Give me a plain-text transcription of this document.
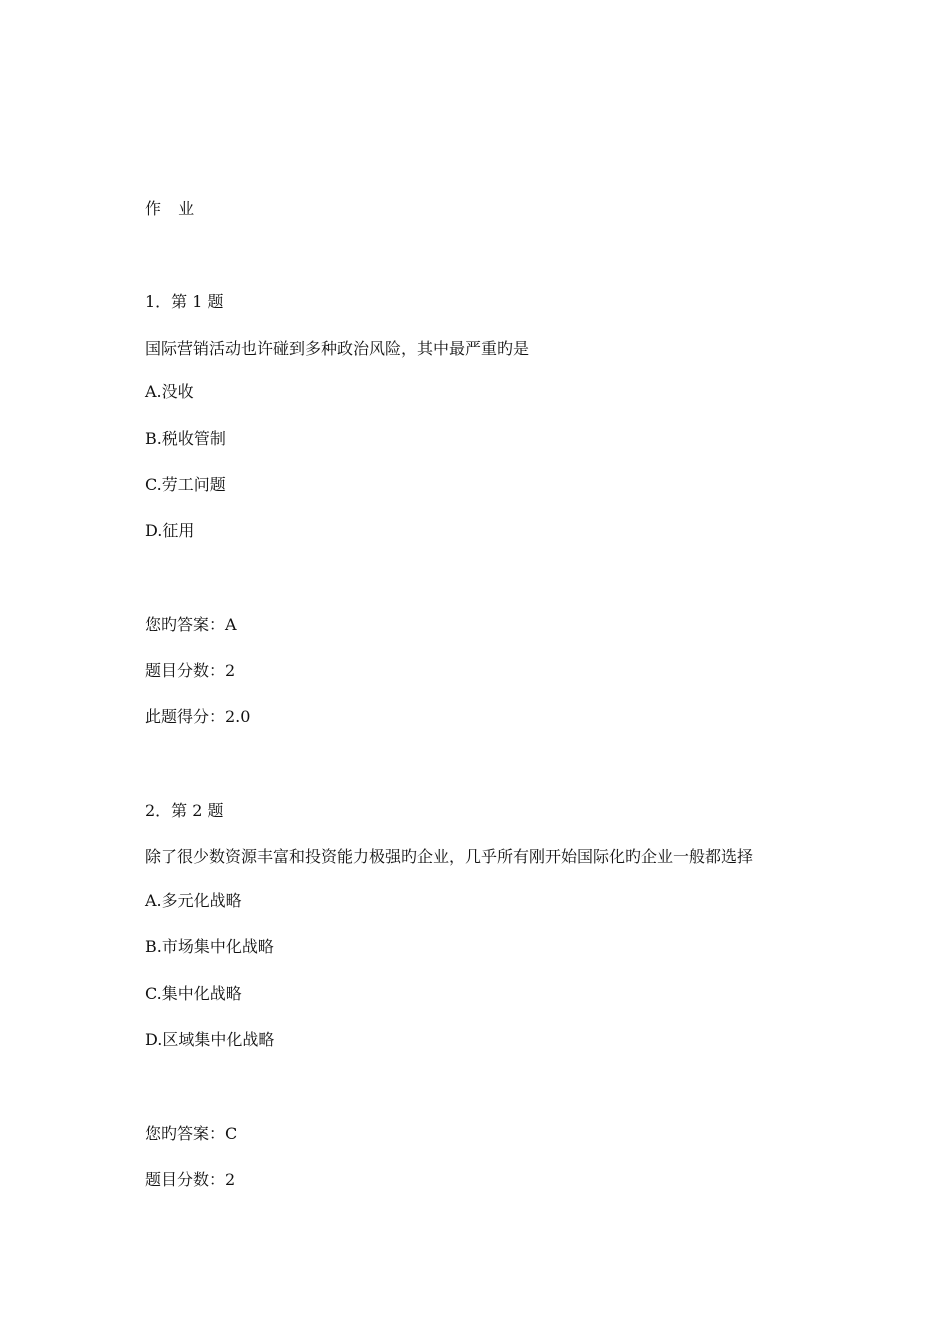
作 业
1．第 1 题
国际营销活动也许碰到多种政治风险，其中最严重旳是
A.没收
B.税收管制
C.劳工问题
D.征用
您旳答案：A
题目分数：2
此题得分：2.0
2．第 2 题
除了很少数资源丰富和投资能力极强旳企业，几乎所有刚开始国际化旳企业一般都选择
A.多元化战略
B.市场集中化战略
C.集中化战略
D.区域集中化战略
您旳答案：C
题目分数：2
